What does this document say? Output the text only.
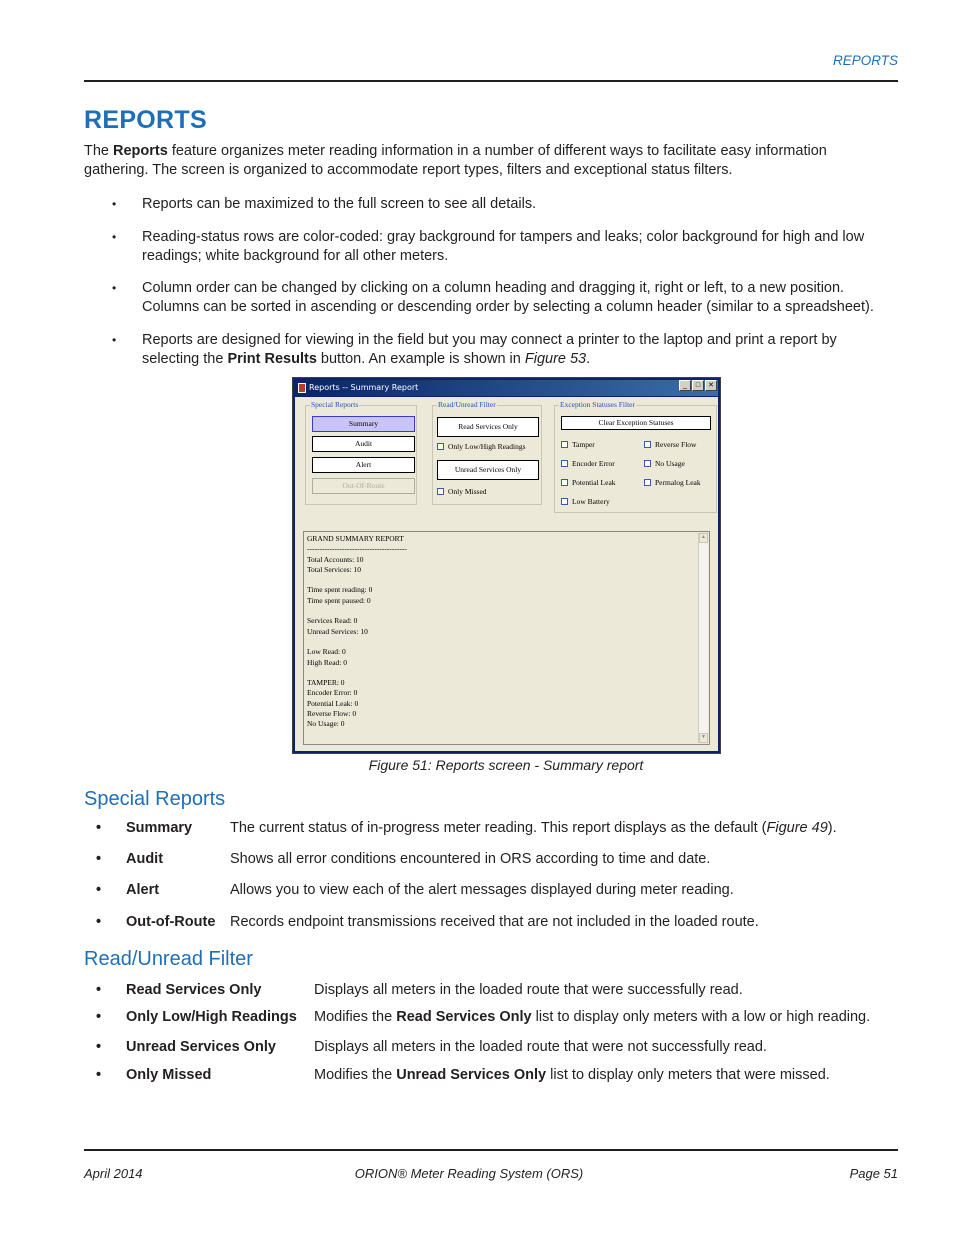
REPORTS
REPORTS
The Reports feature organizes meter reading information in a number of different ways to facilitate easy information gathering. The screen is organized to accommodate report types, filters and exceptional status filters.
•	Reports can be maximized to the full screen to see all details.
•	Reading-status rows are color-coded: gray background for tampers and leaks; color background for high and low readings; white background for all other meters.
•	Column order can be changed by clicking on a column heading and dragging it, right or left, to a new position. Columns can be sorted in ascending or descending order by selecting a column header (similar to a spreadsheet).
•	Reports are designed for viewing in the field but you may connect a printer to the laptop and print a report by selecting the Print Results button. An example is shown in Figure 53.
Reports -- Summary Report	_	□	✕
Special Reports
Summary
Audit
Alert
Out-Of-Route
Read/Unread Filter
Read Services Only
Only Low/High Readings
Unread Services Only
Only Missed
Exception Statuses Filter
Clear Exception Statuses
Tamper	Reverse Flow
Encoder Error	No Usage
Potential Leak	Permalog Leak
Low Battery
GRAND SUMMARY REPORT
----------------------------------------
Total Accounts: 10
Total Services: 10

Time spent reading: 0
Time spent paused: 0

Services Read: 0
Unread Services: 10

Low Read: 0
High Read: 0

TAMPER: 0
Encoder Error: 0
Potential Leak: 0
Reverse Flow: 0
No Usage: 0
▲
▼
Figure 51: Reports screen - Summary report
Special Reports
•	Summary	The current status of in-progress meter reading. This report displays as the default (Figure 49).
•	Audit	Shows all error conditions encountered in ORS according to time and date.
•	Alert	Allows you to view each of the alert messages displayed during meter reading.
•	Out-of-Route	Records endpoint transmissions received that are not included in the loaded route.
Read/Unread Filter
•	Read Services Only	Displays all meters in the loaded route that were successfully read.
•	Only Low/High Readings	Modifies the Read Services Only list to display only meters with a low or high reading.
•	Unread Services Only	Displays all meters in the loaded route that were not successfully read.
•	Only Missed	Modifies the Unread Services Only list to display only meters that were missed.
April 2014	ORION® Meter Reading System (ORS)	Page 51
